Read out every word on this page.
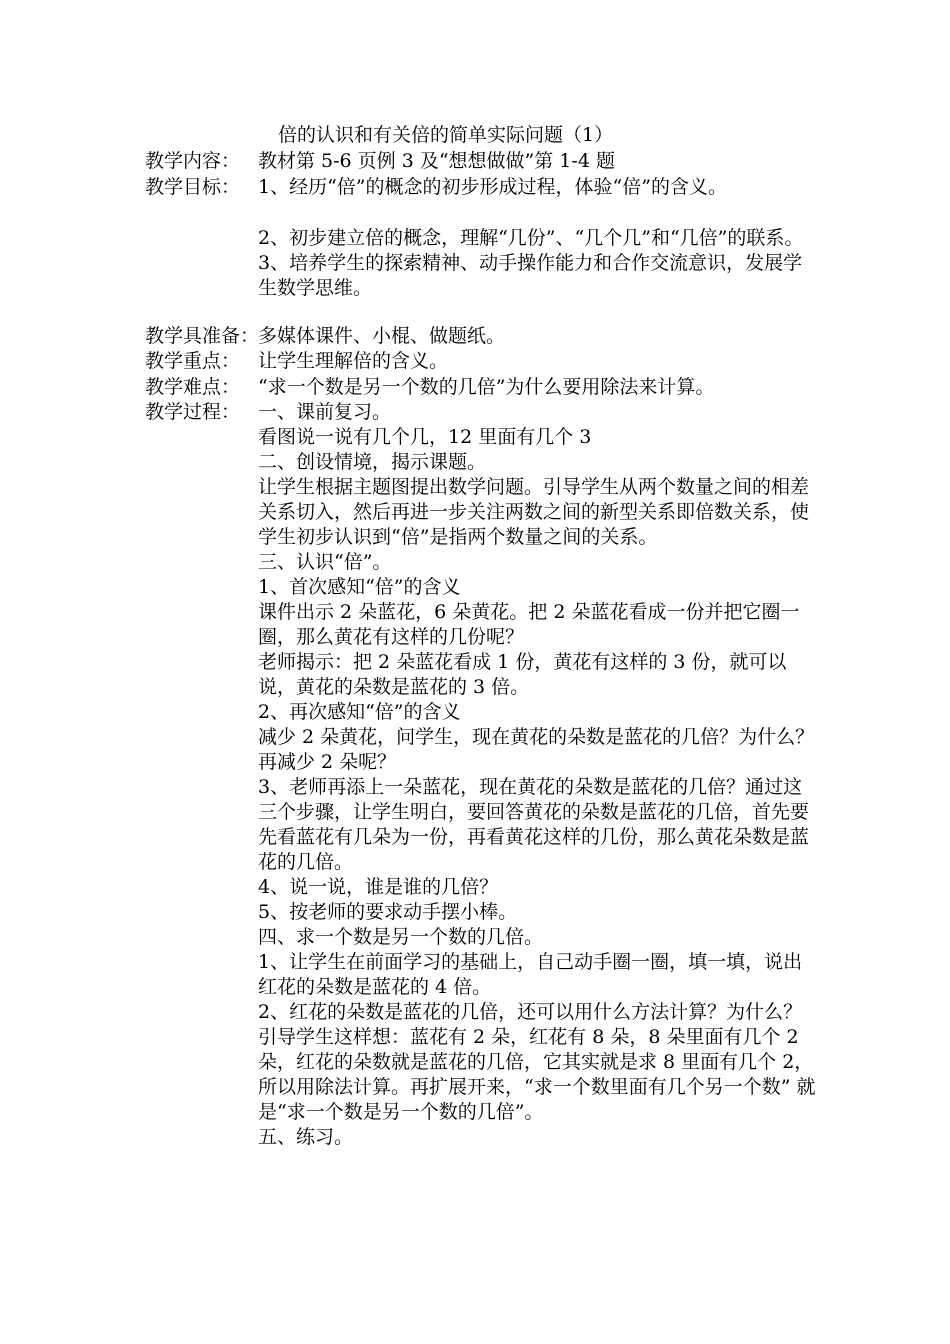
倍的认识和有关倍的简单实际问题（1）
教学内容： 教材第 5-6 页例 3 及“想想做做”第 1-4 题
教学目标： 1、经历“倍”的概念的初步形成过程，体验“倍”的含义。

2、初步建立倍的概念，理解“几份”、“几个几”和“几倍”的联系。

3、培养学生的探索精神、动手操作能力和合作交流意识，发展学生数学思维。

教学具准备：多媒体课件、小棍、做题纸。
教学重点： 让学生理解倍的含义。
教学难点： “求一个数是另一个数的几倍”为什么要用除法来计算。
教学过程： 一、课前复习。

看图说一说有几个几，12 里面有几个 3

二、创设情境，揭示课题。

让学生根据主题图提出数学问题。引导学生从两个数量之间的相差关系切入，然后再进一步关注两数之间的新型关系即倍数关系，使学生初步认识到“倍”是指两个数量之间的关系。

三、认识“倍”。

1、首次感知“倍”的含义

课件出示 2 朵蓝花，6 朵黄花。把 2 朵蓝花看成一份并把它圈一圈，那么黄花有这样的几份呢？

老师揭示：把 2 朵蓝花看成 1 份，黄花有这样的 3 份，就可以说，黄花的朵数是蓝花的 3 倍。

2、再次感知“倍”的含义

减少 2 朵黄花，问学生，现在黄花的朵数是蓝花的几倍？为什么？再减少 2 朵呢？

3、老师再添上一朵蓝花，现在黄花的朵数是蓝花的几倍？通过这三个步骤，让学生明白，要回答黄花的朵数是蓝花的几倍，首先要先看蓝花有几朵为一份，再看黄花这样的几份，那么黄花朵数是蓝花的几倍。

4、说一说，谁是谁的几倍？

5、按老师的要求动手摆小棒。

四、求一个数是另一个数的几倍。

1、让学生在前面学习的基础上，自己动手圈一圈，填一填，说出红花的朵数是蓝花的 4 倍。

2、红花的朵数是蓝花的几倍，还可以用什么方法计算？为什么？

引导学生这样想：蓝花有 2 朵，红花有 8 朵，8 朵里面有几个 2 朵，红花的朵数就是蓝花的几倍，它其实就是求 8 里面有几个 2，所以用除法计算。再扩展开来，“求一个数里面有几个另一个数” 就是“求一个数是另一个数的几倍”。

五、练习。
